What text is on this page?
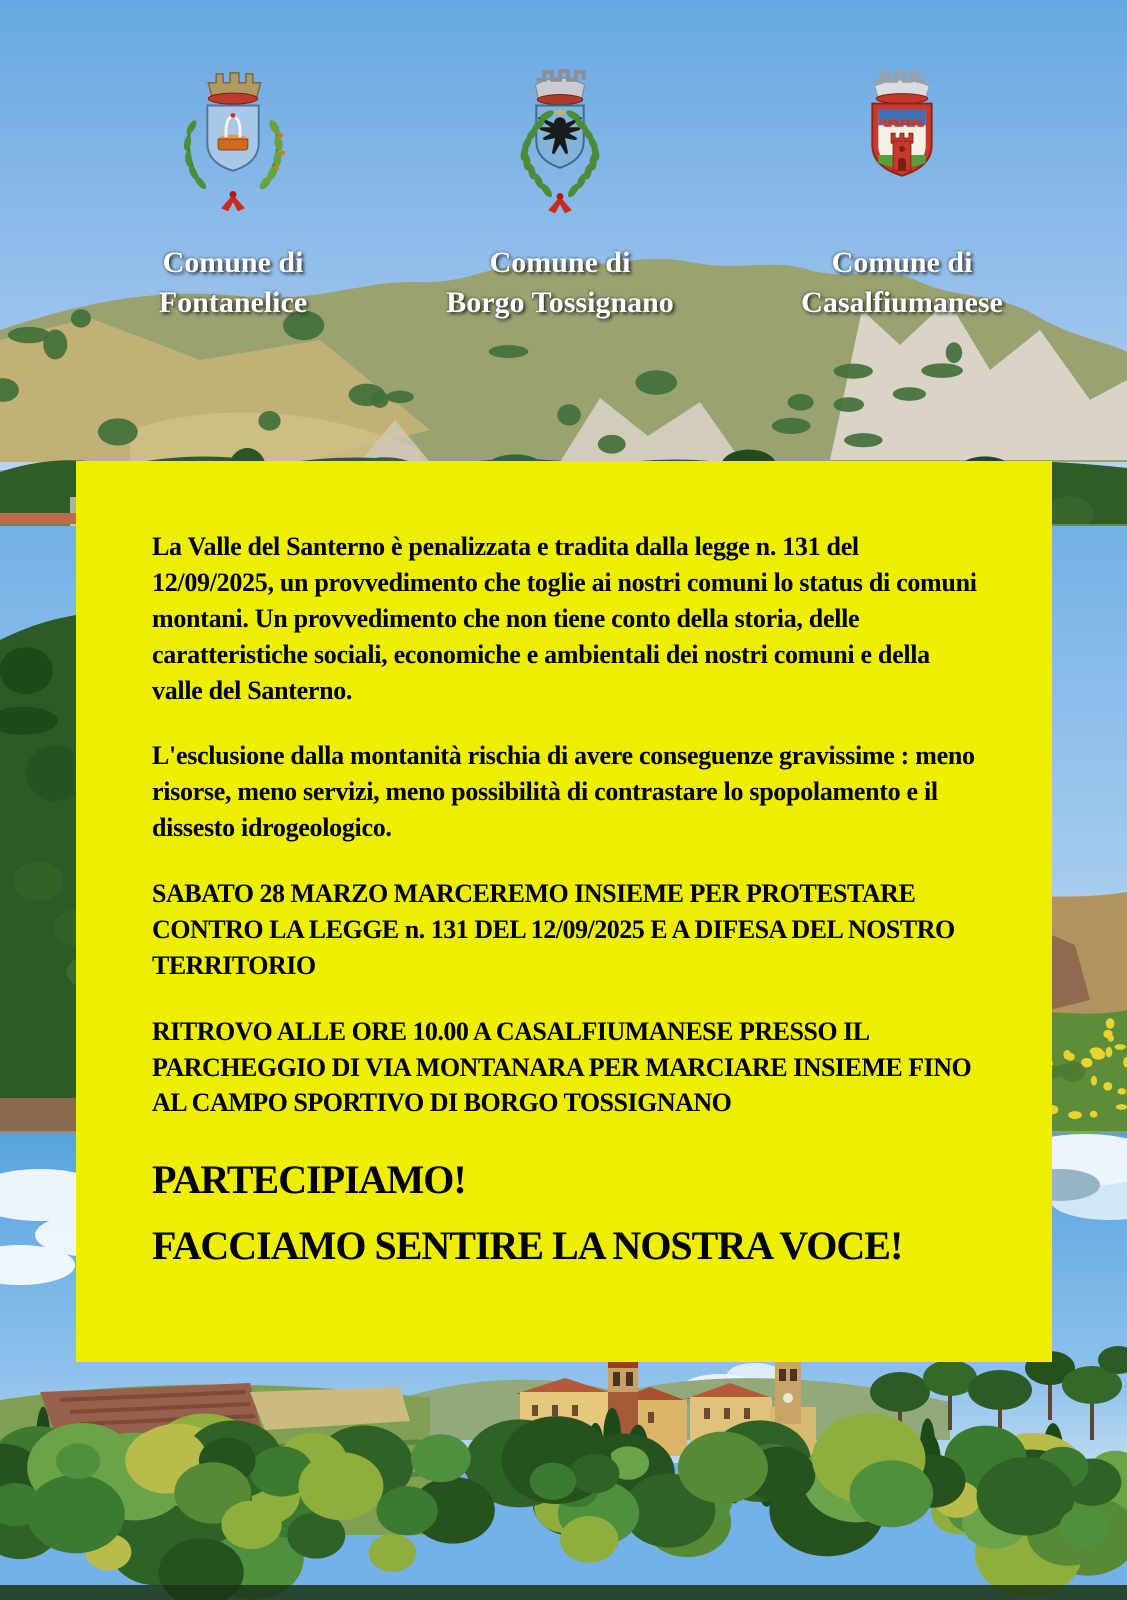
Comune di
Fontanelice
Comune di
Borgo Tossignano
Comune di
Casalfiumanese

La Valle del Santerno è penalizzata e tradita dalla legge n. 131 del 12/09/2025, un provvedimento che toglie ai nostri comuni lo status di comuni montani. Un provvedimento che non tiene conto della storia, delle caratteristiche sociali, economiche e ambientali dei nostri comuni e della valle del Santerno.

L'esclusione dalla montanità rischia di avere conseguenze gravissime : meno risorse, meno servizi, meno possibilità di contrastare lo spopolamento e il dissesto idrogeologico.

SABATO 28 MARZO MARCEREMO INSIEME PER PROTESTARE CONTRO LA LEGGE n. 131 DEL 12/09/2025 E A DIFESA DEL NOSTRO TERRITORIO

RITROVO ALLE ORE 10.00 A CASALFIUMANESE PRESSO IL PARCHEGGIO DI VIA MONTANARA PER MARCIARE INSIEME FINO AL CAMPO SPORTIVO DI BORGO TOSSIGNANO

PARTECIPIAMO!
FACCIAMO SENTIRE LA NOSTRA VOCE!
